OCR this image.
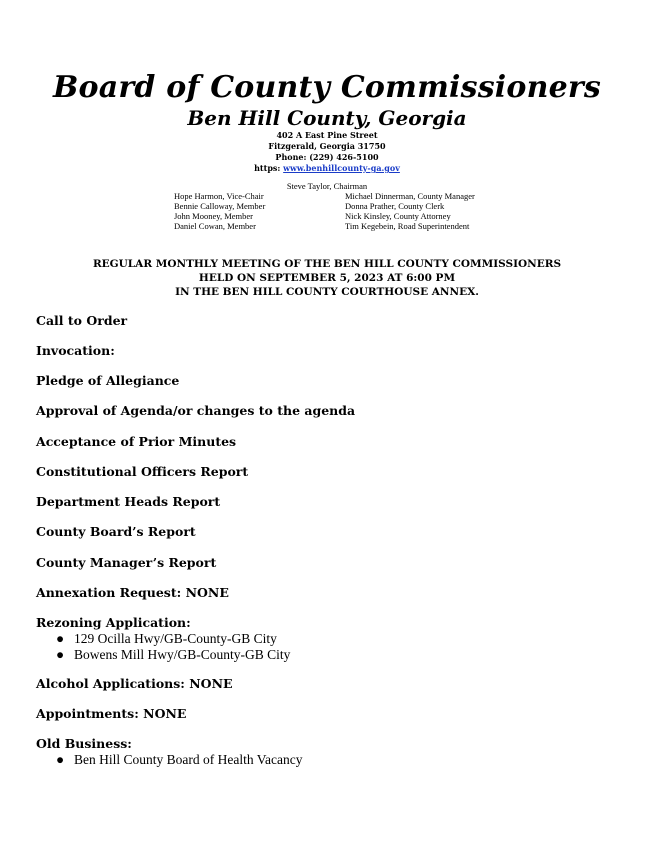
Board of County Commissioners
Ben Hill County, Georgia
402 A East Pine Street
Fitzgerald, Georgia 31750
Phone: (229) 426-5100
https: www.benhillcounty-ga.gov
Steve Taylor, Chairman
Hope Harmon, Vice-Chair
Bennie Calloway, Member
John Mooney, Member
Daniel Cowan, Member
Michael Dinnerman, County Manager
Donna Prather, County Clerk
Nick Kinsley, County Attorney
Tim Kegebein, Road Superintendent
REGULAR MONTHLY MEETING OF THE BEN HILL COUNTY COMMISSIONERS
HELD ON SEPTEMBER 5, 2023 AT 6:00 PM
IN THE BEN HILL COUNTY COURTHOUSE ANNEX.
Call to Order
Invocation:
Pledge of Allegiance
Approval of Agenda/or changes to the agenda
Acceptance of Prior Minutes
Constitutional Officers Report
Department Heads Report
County Board’s Report
County Manager’s Report
Annexation Request: NONE
Rezoning Application:
● 129 Ocilla Hwy/GB-County-GB City
● Bowens Mill Hwy/GB-County-GB City
Alcohol Applications: NONE
Appointments: NONE
Old Business:
● Ben Hill County Board of Health Vacancy
